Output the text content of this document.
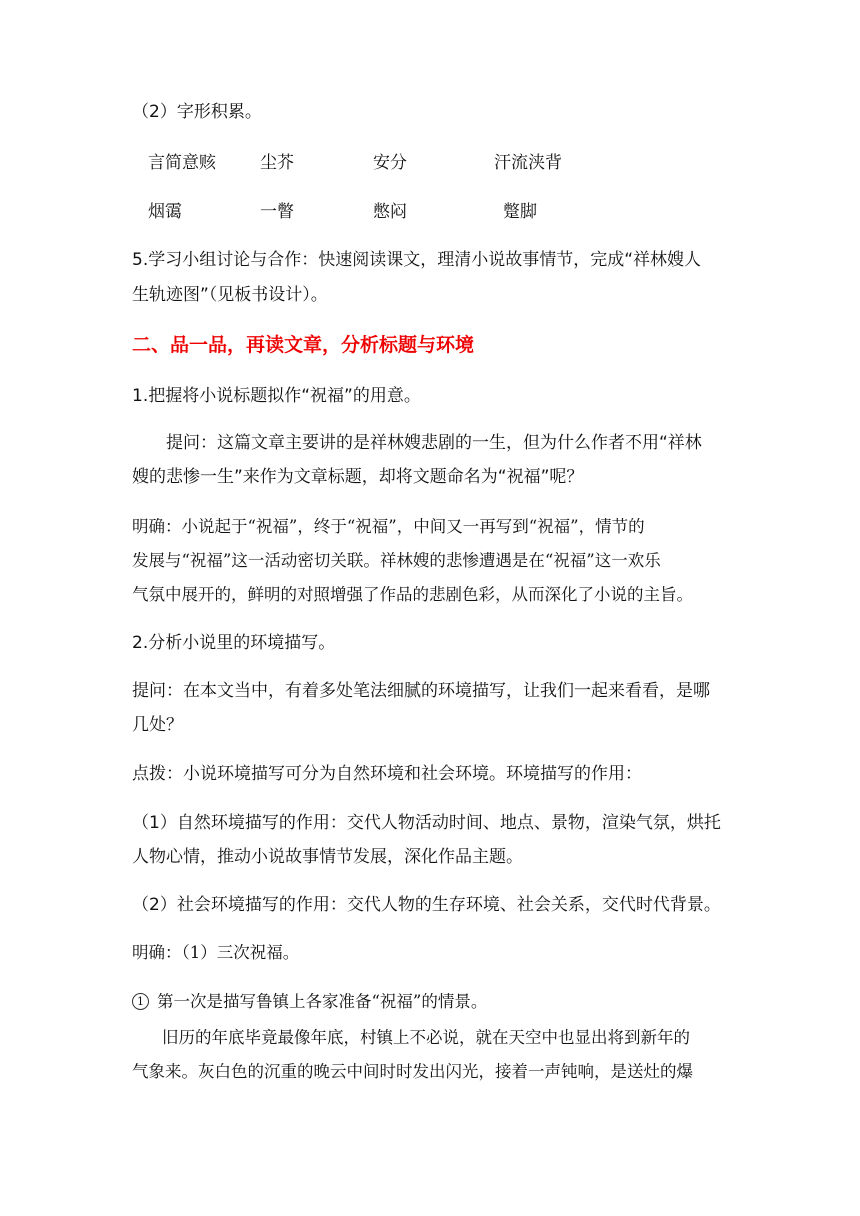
（2）字形积累。

言简意赅	尘芥	安分	汗流浃背
烟霭	一瞥	憋闷	蹩脚

5.学习小组讨论与合作：快速阅读课文，理清小说故事情节，完成“祥林嫂人

生轨迹图”（见板书设计）。

二、品一品，再读文章，分析标题与环境

1.把握将小说标题拟作“祝福”的用意。

提问：这篇文章主要讲的是祥林嫂悲剧的一生，但为什么作者不用“祥林

嫂的悲惨一生”来作为文章标题，却将文题命名为“祝福”呢？

明确：小说起于“祝福”，终于“祝福”，中间又一再写到“祝福”，情节的

发展与“祝福”这一活动密切关联。祥林嫂的悲惨遭遇是在“祝福”这一欢乐

气氛中展开的，鲜明的对照增强了作品的悲剧色彩，从而深化了小说的主旨。

2.分析小说里的环境描写。

提问：在本文当中，有着多处笔法细腻的环境描写，让我们一起来看看，是哪

几处？

点拨：小说环境描写可分为自然环境和社会环境。环境描写的作用：

（1）自然环境描写的作用：交代人物活动时间、地点、景物，渲染气氛，烘托

人物心情，推动小说故事情节发展，深化作品主题。

（2）社会环境描写的作用：交代人物的生存环境、社会关系，交代时代背景。

明确：（1）三次祝福。

1 第一次是描写鲁镇上各家准备“祝福”的情景。

旧历的年底毕竟最像年底，村镇上不必说，就在天空中也显出将到新年的

气象来。灰白色的沉重的晚云中间时时发出闪光，接着一声钝响，是送灶的爆
